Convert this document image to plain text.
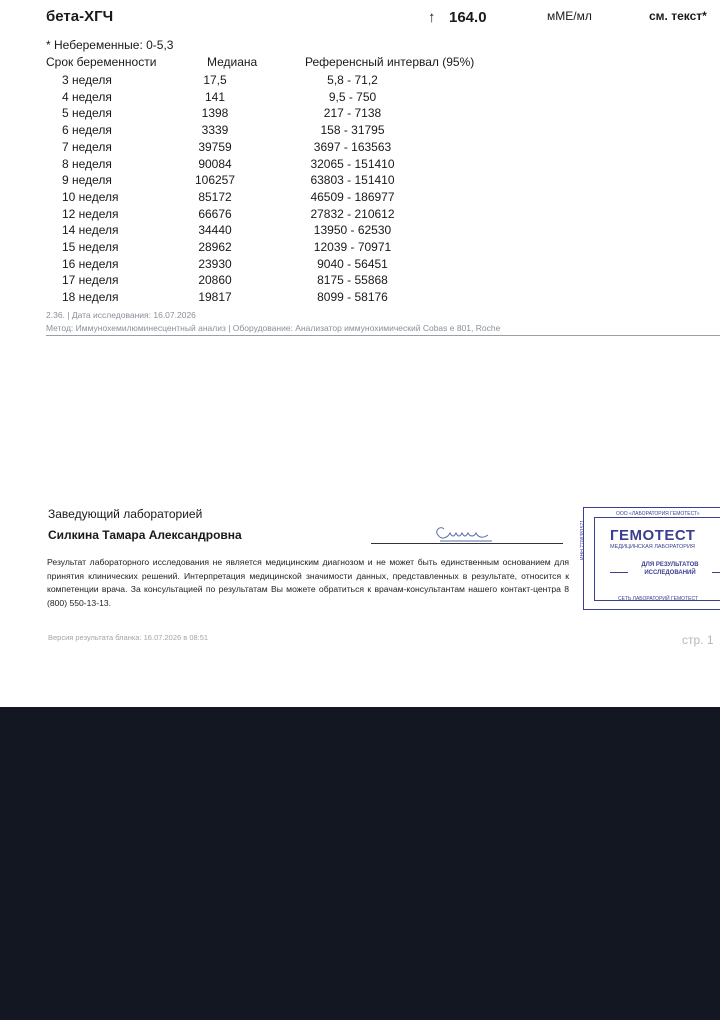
бета-ХГЧ	↑ 164.0	мМЕ/мл	см. текст*
* Небеременные: 0-5,3
Срок беременности	Медиана	Референсный интервал (95%)
3 неделя	17,5	5,8 - 71,2
4 неделя	141	9,5 - 750
5 неделя	1398	217 - 7138
6 неделя	3339	158 - 31795
7 неделя	39759	3697 - 163563
8 неделя	90084	32065 - 151410
9 неделя	106257	63803 - 151410
10 неделя	85172	46509 - 186977
12 неделя	66676	27832 - 210612
14 неделя	34440	13950 - 62530
15 неделя	28962	12039 - 70971
16 неделя	23930	9040 - 56451
17 неделя	20860	8175 - 55868
18 неделя	19817	8099 - 58176
2.36. | Дата исследования: 16.07.2026
Метод: Иммунохемилюминесцентный анализ | Оборудование: Анализатор иммунохимический Cobas e 801, Roche
Заведующий лабораторией
Силкина Тамара Александровна
Результат лабораторного исследования не является медицинским диагнозом и не может быть единственным основанием для принятия клинических решений. Интерпретация медицинской значимости данных, представленных в результате, относится к компетенции врача. За консультацией по результатам Вы можете обратиться к врачам-консультантам нашего контакт-центра 8 (800) 550-13-13.
ООО «ЛАБОРАТОРИЯ ГЕМОТЕСТ»
ИНН 7708381571 ГЕМОТЕСТ
МЕДИЦИНСКАЯ ЛАБОРАТОРИЯ
ДЛЯ РЕЗУЛЬТАТОВ ИССЛЕДОВАНИЙ
СЕТЬ ЛАБОРАТОРИЙ ГЕМОТЕСТ
Версия результата бланка: 16.07.2026 в 08:51	стр. 1
